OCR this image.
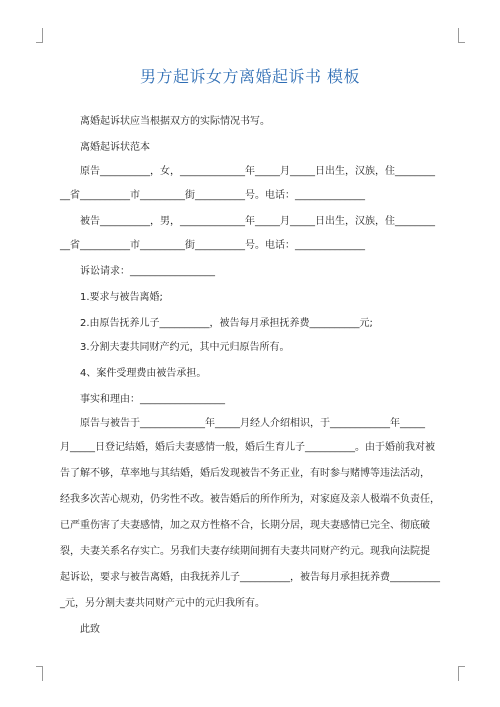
男方起诉女方离婚起诉书 模板
离婚起诉状应当根据双方的实际情况书写。
离婚起诉状范本
原告__________，女，_____________年_____月_____日出生，汉族，住________
__省__________市_________街__________号。电话：______________
被告__________，男，_____________年_____月_____日出生，汉族，住________
__省__________市_________街__________号。电话：______________
诉讼请求：_________________
1.要求与被告离婚;
2.由原告抚养儿子__________，被告每月承担抚养费__________元;
3.分割夫妻共同财产约元，其中元归原告所有。
4、案件受理费由被告承担。
事实和理由：_________________
原告与被告于_____________年_____月经人介绍相识，于____________年_____
月_____日登记结婚，婚后夫妻感情一般，婚后生育儿子__________。由于婚前我对被
告了解不够，草率地与其结婚，婚后发现被告不务正业，有时参与赌博等违法活动，
经我多次苦心规劝，仍劣性不改。被告婚后的所作所为，对家庭及亲人极端不负责任，
已严重伤害了夫妻感情，加之双方性格不合，长期分居，现夫妻感情已完全、彻底破
裂，夫妻关系名存实亡。另我们夫妻存续期间拥有夫妻共同财产约元。现我向法院提
起诉讼，要求与被告离婚，由我抚养儿子__________，被告每月承担抚养费__________
_元，另分割夫妻共同财产元中的元归我所有。
此致
